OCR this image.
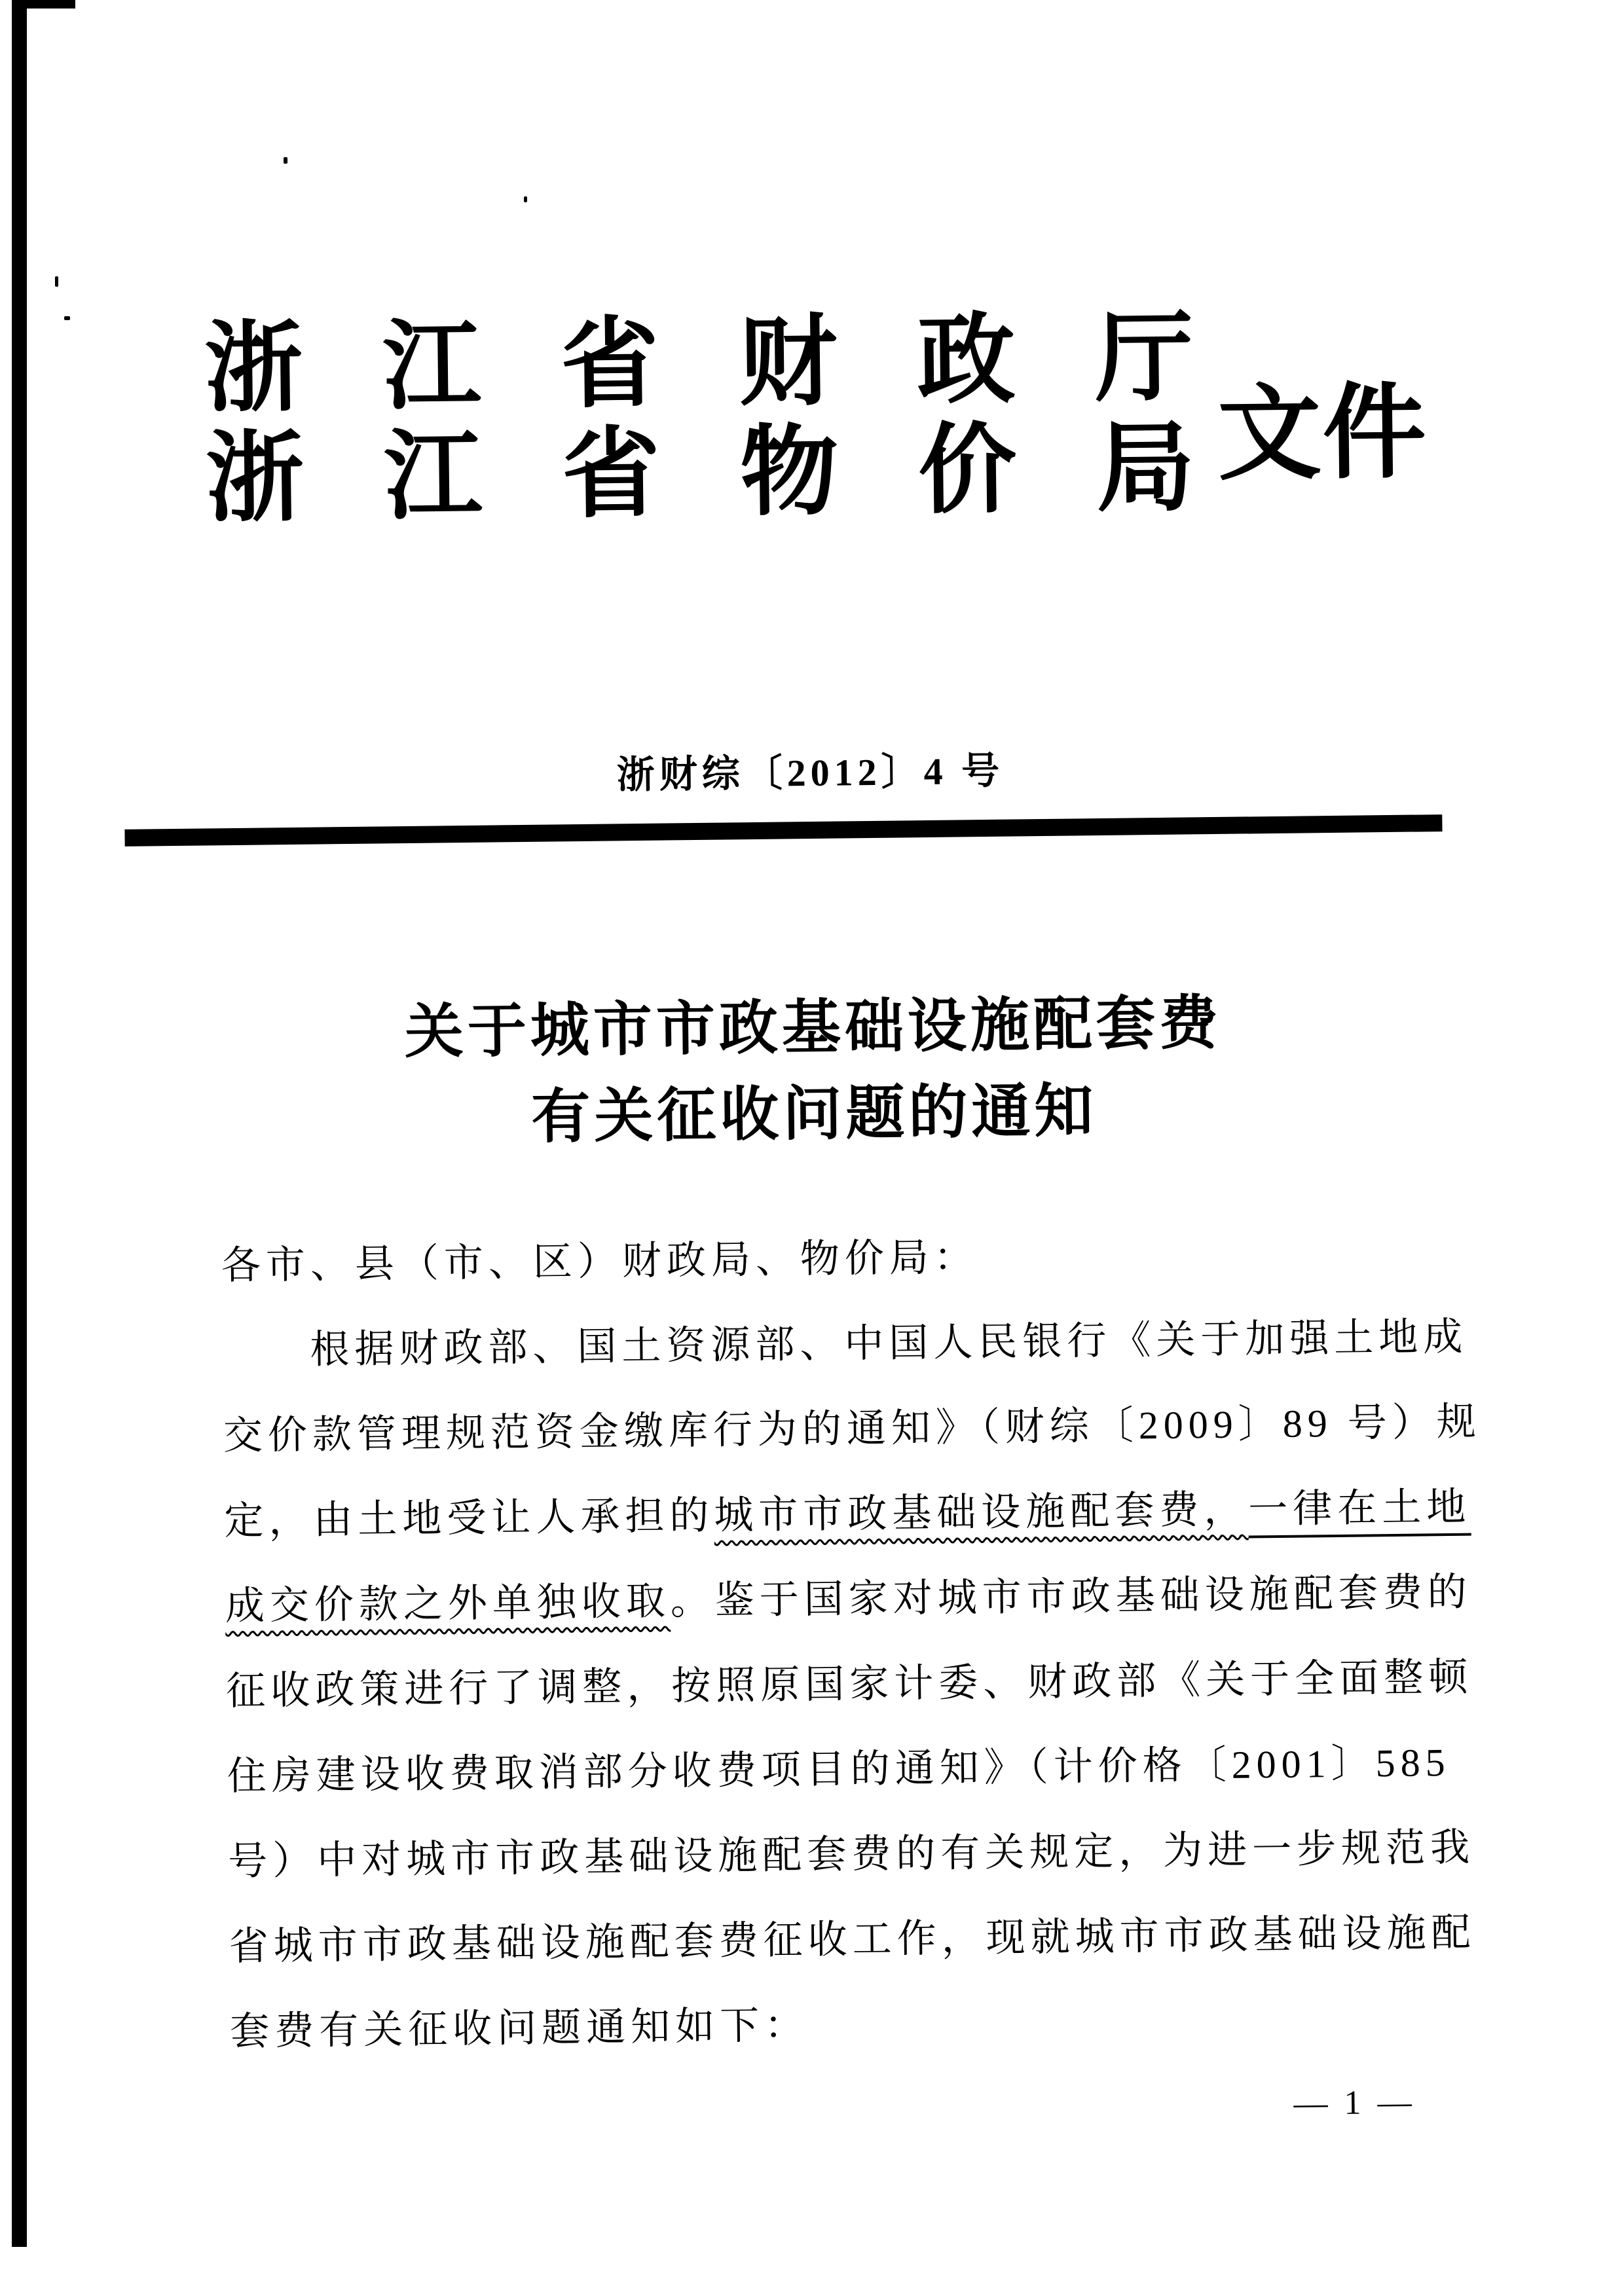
浙江省财政厅
浙江省物价局
文件
浙财综〔2012〕4 号
关于城市市政基础设施配套费
有关征收问题的通知
各市、县（市、区）财政局、物价局：
根据财政部、国土资源部、中国人民银行《关于加强土地成
交价款管理规范资金缴库行为的通知》（财综〔2009〕89 号）规
定，由土地受让人承担的城市市政基础设施配套费，一律在土地
成交价款之外单独收取。鉴于国家对城市市政基础设施配套费的
征收政策进行了调整，按照原国家计委、财政部《关于全面整顿
住房建设收费取消部分收费项目的通知》（计价格〔2001〕585
号）中对城市市政基础设施配套费的有关规定，为进一步规范我
省城市市政基础设施配套费征收工作，现就城市市政基础设施配
套费有关征收问题通知如下：
— 1 —
